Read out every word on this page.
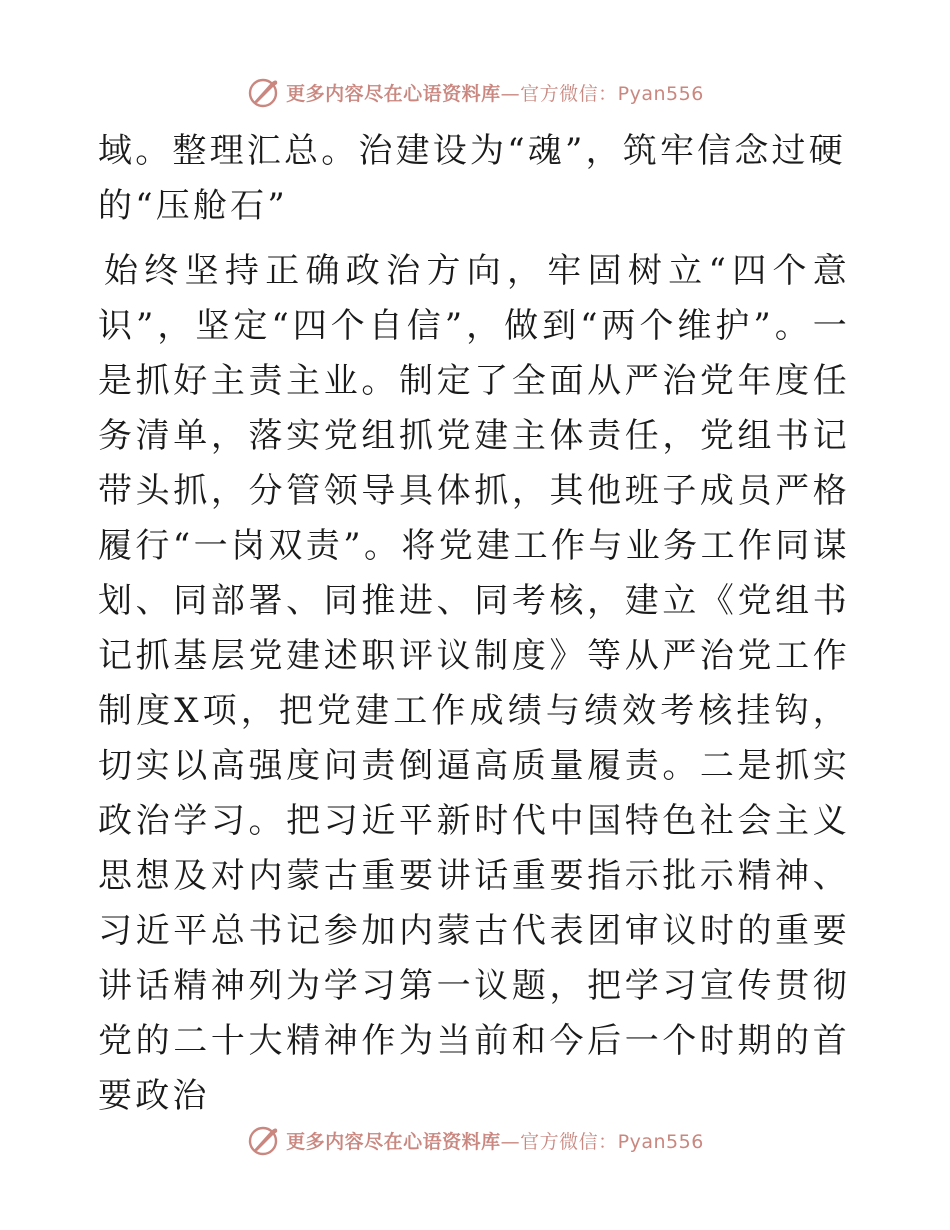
更多内容尽在心语资料库—官方微信：Pyan556

域。整理汇总。治建设为“魂”，筑牢信念过硬的“压舱石”

始终坚持正确政治方向，牢固树立“四个意识”，坚定“四个自信”，做到“两个维护”。一是抓好主责主业。制定了全面从严治党年度任务清单，落实党组抓党建主体责任，党组书记带头抓，分管领导具体抓，其他班子成员严格履行“一岗双责”。将党建工作与业务工作同谋划、同部署、同推进、同考核，建立《党组书记抓基层党建述职评议制度》等从严治党工作制度X项，把党建工作成绩与绩效考核挂钩，切实以高强度问责倒逼高质量履责。二是抓实政治学习。把习近平新时代中国特色社会主义思想及对内蒙古重要讲话重要指示批示精神、习近平总书记参加内蒙古代表团审议时的重要讲话精神列为学习第一议题，把学习宣传贯彻党的二十大精神作为当前和今后一个时期的首要政治

更多内容尽在心语资料库—官方微信：Pyan556
